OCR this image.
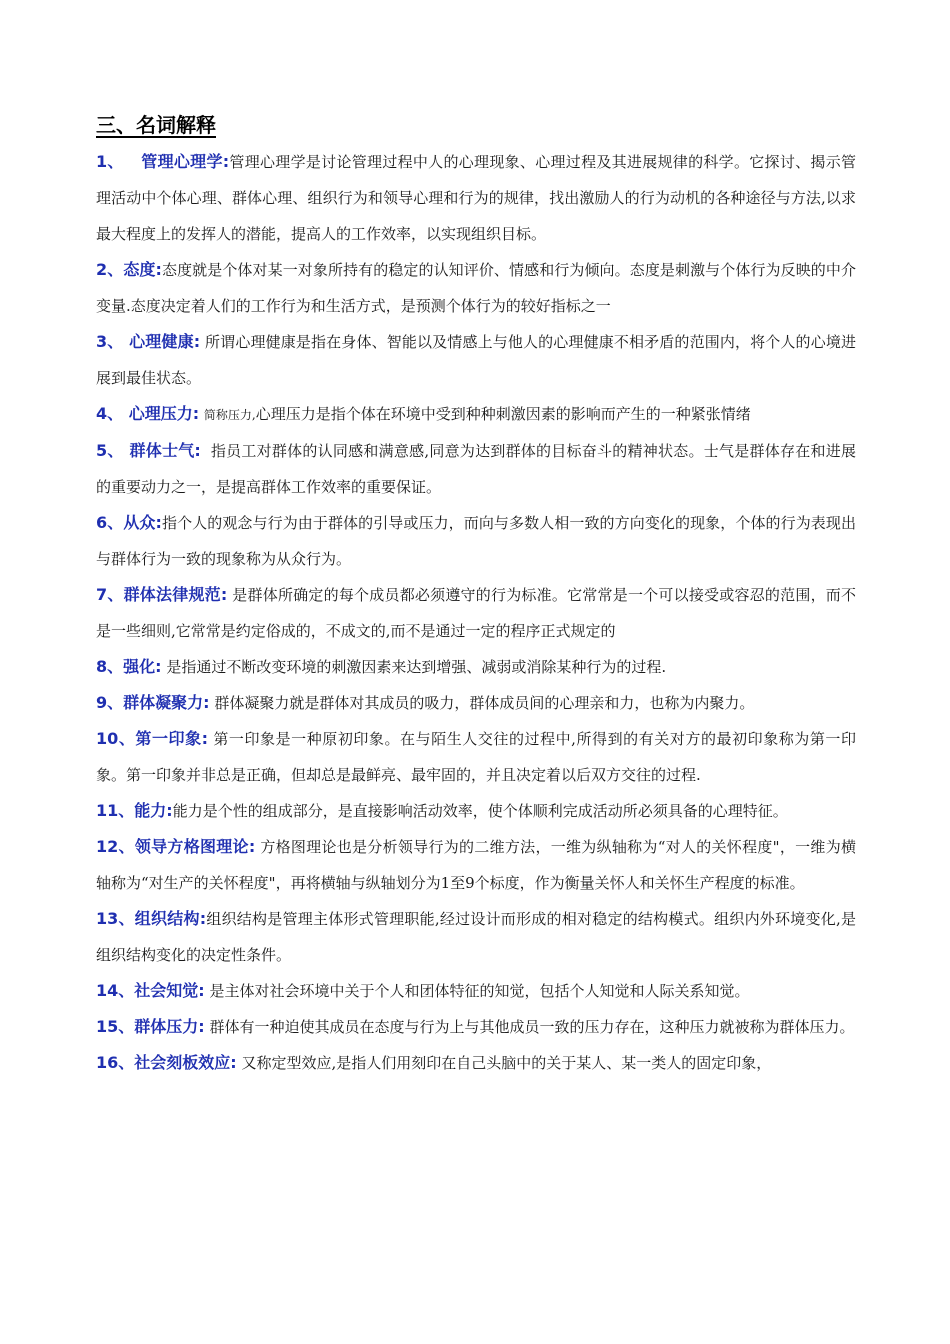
三、名词解释

1、 管理心理学:管理心理学是讨论管理过程中人的心理现象、心理过程及其进展规律的科学。它探讨、揭示管理活动中个体心理、群体心理、组织行为和领导心理和行为的规律，找出激励人的行为动机的各种途径与方法,以求最大程度上的发挥人的潜能，提高人的工作效率，以实现组织目标。

2、态度:态度就是个体对某一对象所持有的稳定的认知评价、情感和行为倾向。态度是刺激与个体行为反映的中介变量.态度决定着人们的工作行为和生活方式，是预测个体行为的较好指标之一

3、 心理健康: 所谓心理健康是指在身体、智能以及情感上与他人的心理健康不相矛盾的范围内，将个人的心境进展到最佳状态。

4、 心理压力: 简称压力,心理压力是指个体在环境中受到种种刺激因素的影响而产生的一种紧张情绪

5、 群体士气: 指员工对群体的认同感和满意感,同意为达到群体的目标奋斗的精神状态。士气是群体存在和进展的重要动力之一，是提高群体工作效率的重要保证。

6、从众:指个人的观念与行为由于群体的引导或压力，而向与多数人相一致的方向变化的现象，个体的行为表现出与群体行为一致的现象称为从众行为。

7、群体法律规范: 是群体所确定的每个成员都必须遵守的行为标准。它常常是一个可以接受或容忍的范围，而不是一些细则,它常常是约定俗成的，不成文的,而不是通过一定的程序正式规定的

8、强化: 是指通过不断改变环境的刺激因素来达到增强、减弱或消除某种行为的过程.

9、群体凝聚力: 群体凝聚力就是群体对其成员的吸力，群体成员间的心理亲和力，也称为内聚力。

10、第一印象: 第一印象是一种原初印象。在与陌生人交往的过程中,所得到的有关对方的最初印象称为第一印象。第一印象并非总是正确，但却总是最鲜亮、最牢固的，并且决定着以后双方交往的过程.

11、能力:能力是个性的组成部分，是直接影响活动效率，使个体顺利完成活动所必须具备的心理特征。

12、领导方格图理论: 方格图理论也是分析领导行为的二维方法，一维为纵轴称为“对人的关怀程度"，一维为横轴称为“对生产的关怀程度"，再将横轴与纵轴划分为1至9个标度，作为衡量关怀人和关怀生产程度的标准。

13、组织结构:组织结构是管理主体形式管理职能,经过设计而形成的相对稳定的结构模式。组织内外环境变化,是组织结构变化的决定性条件。

14、社会知觉: 是主体对社会环境中关于个人和团体特征的知觉，包括个人知觉和人际关系知觉。

15、群体压力: 群体有一种迫使其成员在态度与行为上与其他成员一致的压力存在，这种压力就被称为群体压力。

16、社会刻板效应: 又称定型效应,是指人们用刻印在自己头脑中的关于某人、某一类人的固定印象，
